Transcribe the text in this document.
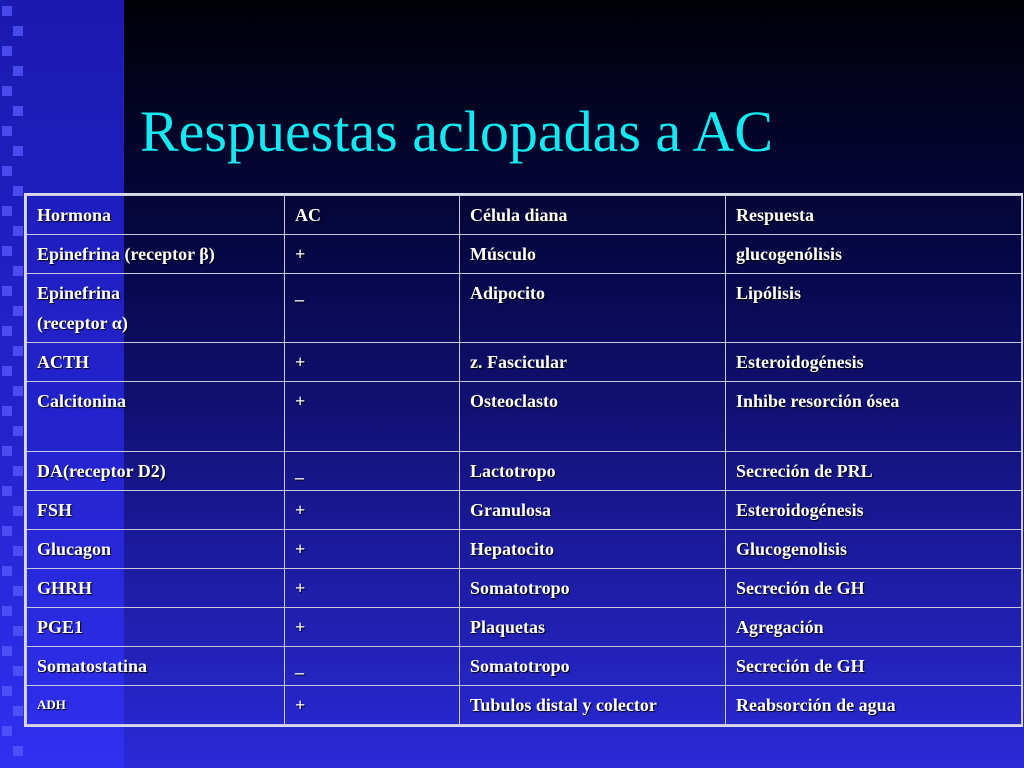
Respuestas aclopadas a AC
Hormona	AC	Célula diana	Respuesta
Epinefrina (receptor β)	+	Músculo	glucogenólisis

Epinefrina
(receptor α)	_	Adipocito	Lipólisis
ACTH	+	z. Fascicular	Esteroidogénesis
Calcitonina	+	Osteoclasto	Inhibe resorción ósea
DA(receptor D2)	_	Lactotropo	Secreción de PRL
FSH	+	Granulosa	Esteroidogénesis
Glucagon	+	Hepatocito	Glucogenolisis
GHRH	+	Somatotropo	Secreción de GH
PGE1	+	Plaquetas	Agregación
Somatostatina	_	Somatotropo	Secreción de GH
ADH	+	Tubulos distal y colector	Reabsorción de agua
